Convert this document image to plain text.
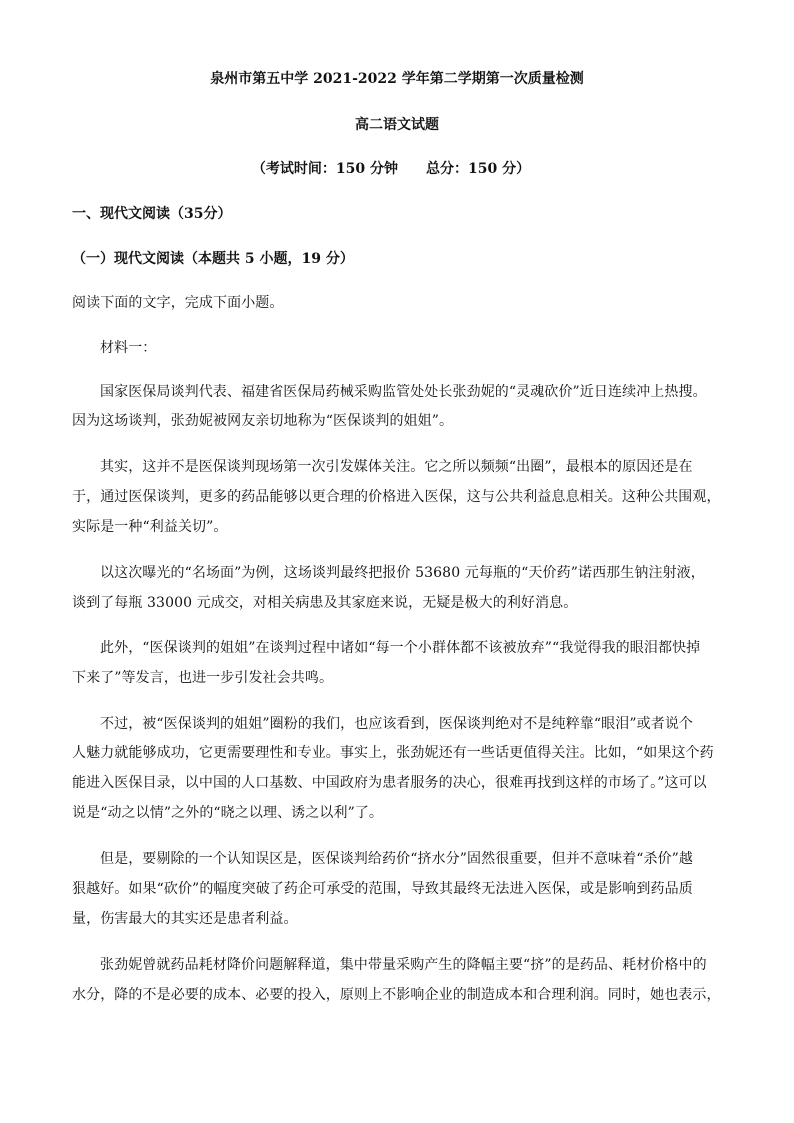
泉州市第五中学 2021-2022 学年第二学期第一次质量检测
高二语文试题
（考试时间：150 分钟　　总分：150 分）
一、现代文阅读（35分）
（一）现代文阅读（本题共 5 小题，19 分）
阅读下面的文字，完成下面小题。
材料一：
国家医保局谈判代表、福建省医保局药械采购监管处处长张劲妮的“灵魂砍价”近日连续冲上热搜。
因为这场谈判，张劲妮被网友亲切地称为“医保谈判的姐姐”。
其实，这并不是医保谈判现场第一次引发媒体关注。它之所以频频“出圈”，最根本的原因还是在
于，通过医保谈判，更多的药品能够以更合理的价格进入医保，这与公共利益息息相关。这种公共围观，
实际是一种“利益关切”。
以这次曝光的“名场面”为例，这场谈判最终把报价 53680 元每瓶的“天价药”诺西那生钠注射液，
谈到了每瓶 33000 元成交，对相关病患及其家庭来说，无疑是极大的利好消息。
此外，“医保谈判的姐姐”在谈判过程中诸如“每一个小群体都不该被放弃”“我觉得我的眼泪都快掉
下来了”等发言，也进一步引发社会共鸣。
不过，被“医保谈判的姐姐”圈粉的我们，也应该看到，医保谈判绝对不是纯粹靠“眼泪”或者说个
人魅力就能够成功，它更需要理性和专业。事实上，张劲妮还有一些话更值得关注。比如，“如果这个药
能进入医保目录，以中国的人口基数、中国政府为患者服务的决心，很难再找到这样的市场了。”这可以
说是“动之以情”之外的“晓之以理、诱之以利”了。
但是，要剔除的一个认知误区是，医保谈判给药价“挤水分”固然很重要，但并不意味着“杀价”越
狠越好。如果“砍价”的幅度突破了药企可承受的范围，导致其最终无法进入医保，或是影响到药品质
量，伤害最大的其实还是患者利益。
张劲妮曾就药品耗材降价问题解释道，集中带量采购产生的降幅主要“挤”的是药品、耗材价格中的
水分，降的不是必要的成本、必要的投入，原则上不影响企业的制造成本和合理利润。同时，她也表示，
